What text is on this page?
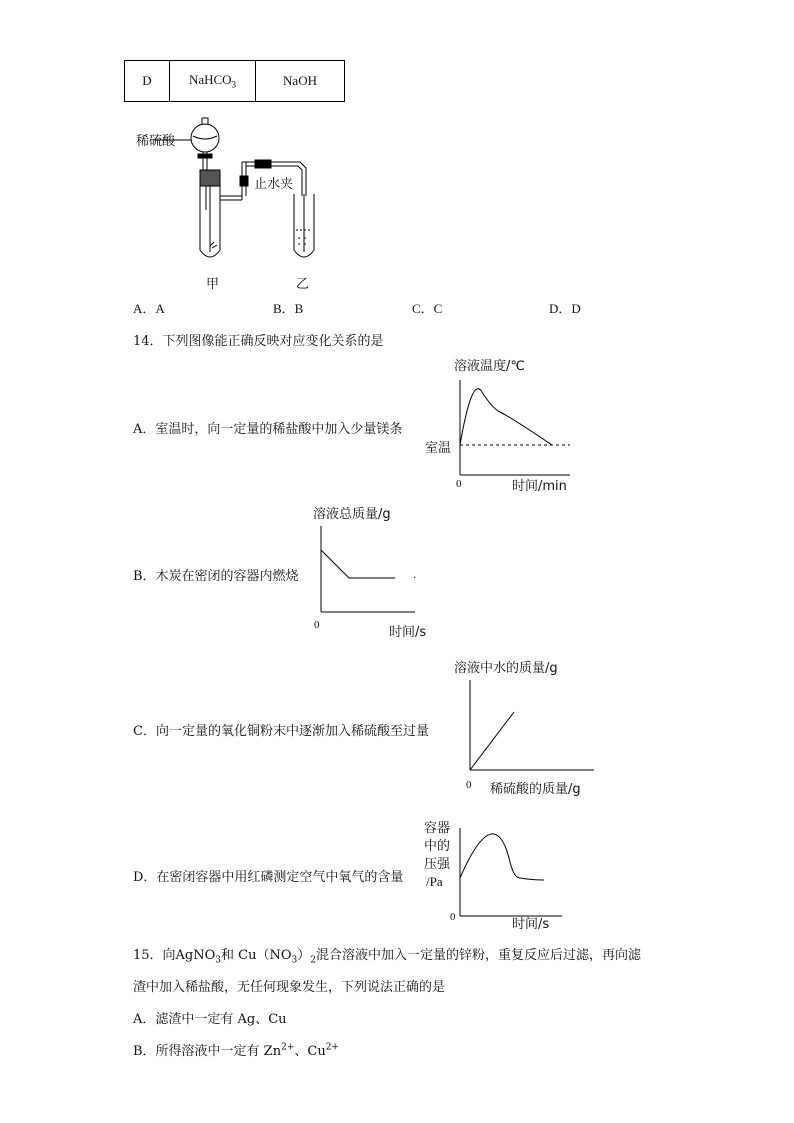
D	NaHCO$_3$	NaOH
稀硫酸
止水夹
甲	乙
A．A	B．B	C．C	D．D
14．下列图像能正确反映对应变化关系的是
A．室温时，向一定量的稀盐酸中加入少量镁条
溶液温度/℃
室温
0	时间/min
B．木炭在密闭的容器内燃烧
溶液总质量/g
.
0	时间/s
C．向一定量的氧化铜粉末中逐渐加入稀硫酸至过量
溶液中水的质量/g
0 稀硫酸的质量/g
D．在密闭容器中用红磷测定空气中氧气的含量
容器
中的
压强
/Pa
0	时间/s
15．向AgNO$_3$和 $Cu(NO_3)_2$混合溶液中加入一定量的锌粉，重复反应后过滤，再向滤
渣中加入稀盐酸，无任何现象发生，下列说法正确的是
A．滤渣中一定有 Ag、Cu
B．所得溶液中一定有 $Zn^{2+}$、$Cu^{2+}$
